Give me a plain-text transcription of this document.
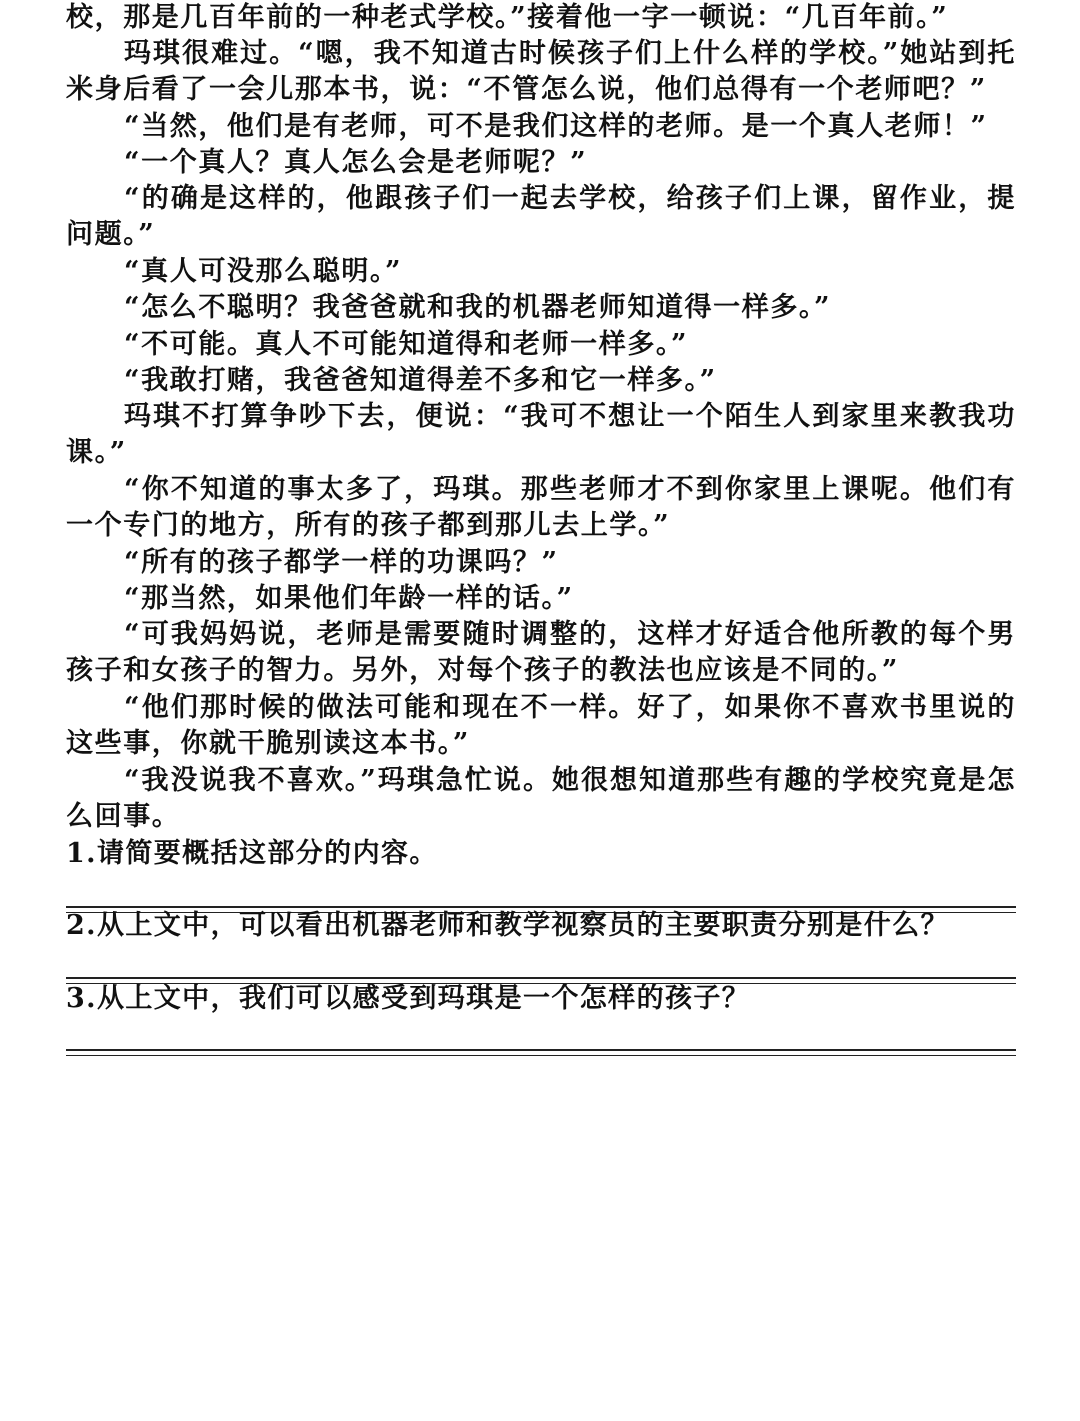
校，那是几百年前的一种老式学校。”接着他一字一顿说：“几百年前。”

玛琪很难过。“嗯，我不知道古时候孩子们上什么样的学校。”她站到托米身后看了一会儿那本书，说：“不管怎么说，他们总得有一个老师吧？”

“当然，他们是有老师，可不是我们这样的老师。是一个真人老师！”

“一个真人？真人怎么会是老师呢？”

“的确是这样的，他跟孩子们一起去学校，给孩子们上课，留作业，提问题。”

“真人可没那么聪明。”

“怎么不聪明？我爸爸就和我的机器老师知道得一样多。”

“不可能。真人不可能知道得和老师一样多。”

“我敢打赌，我爸爸知道得差不多和它一样多。”

玛琪不打算争吵下去，便说：“我可不想让一个陌生人到家里来教我功课。”

“你不知道的事太多了，玛琪。那些老师才不到你家里上课呢。他们有一个专门的地方，所有的孩子都到那儿去上学。”

“所有的孩子都学一样的功课吗？”

“那当然，如果他们年龄一样的话。”

“可我妈妈说，老师是需要随时调整的，这样才好适合他所教的每个男孩子和女孩子的智力。另外，对每个孩子的教法也应该是不同的。”

“他们那时候的做法可能和现在不一样。好了，如果你不喜欢书里说的这些事，你就干脆别读这本书。”

“我没说我不喜欢。”玛琪急忙说。她很想知道那些有趣的学校究竟是怎么回事。

1.请简要概括这部分的内容。

2.从上文中，可以看出机器老师和教学视察员的主要职责分别是什么？

3.从上文中，我们可以感受到玛琪是一个怎样的孩子？
